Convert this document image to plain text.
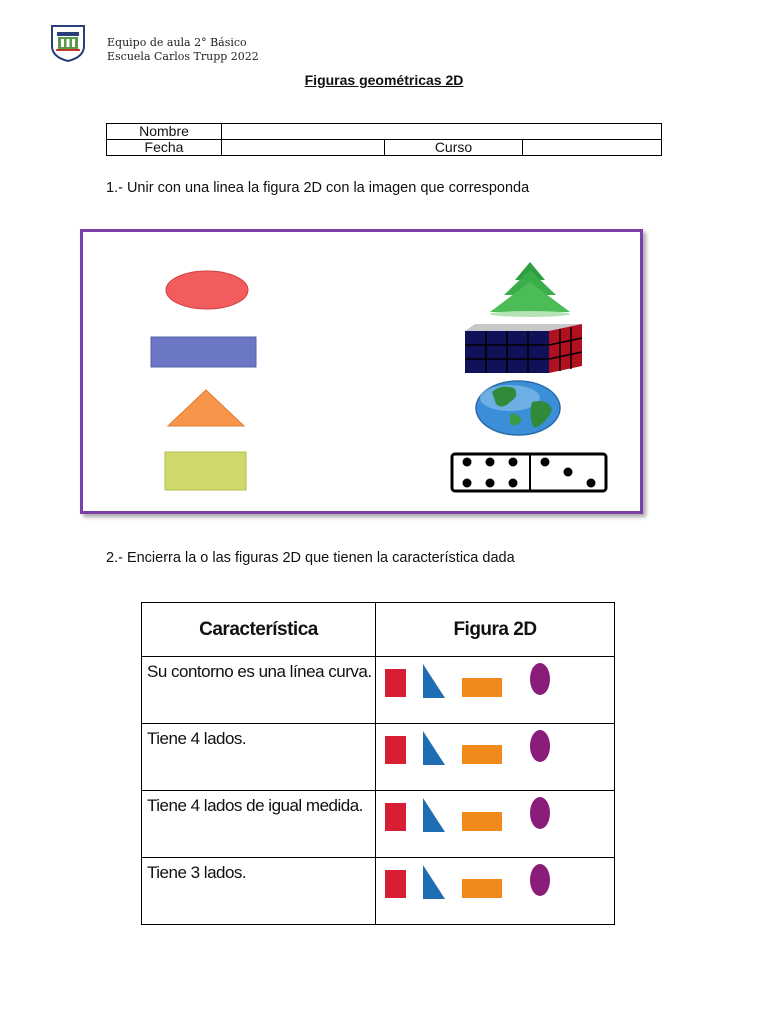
Equipo de aula 2° Básico
Escuela Carlos Trupp 2022
Figuras geométricas 2D
Nombre			
Fecha		Curso	
1.- Unir con una linea la figura 2D con la imagen que corresponda
2.- Encierra la o las figuras 2D que tienen la característica dada
Característica	Figura 2D
Su contorno es una línea curva.	
Tiene 4 lados.	
Tiene 4 lados de igual medida.	
Tiene 3 lados.	
